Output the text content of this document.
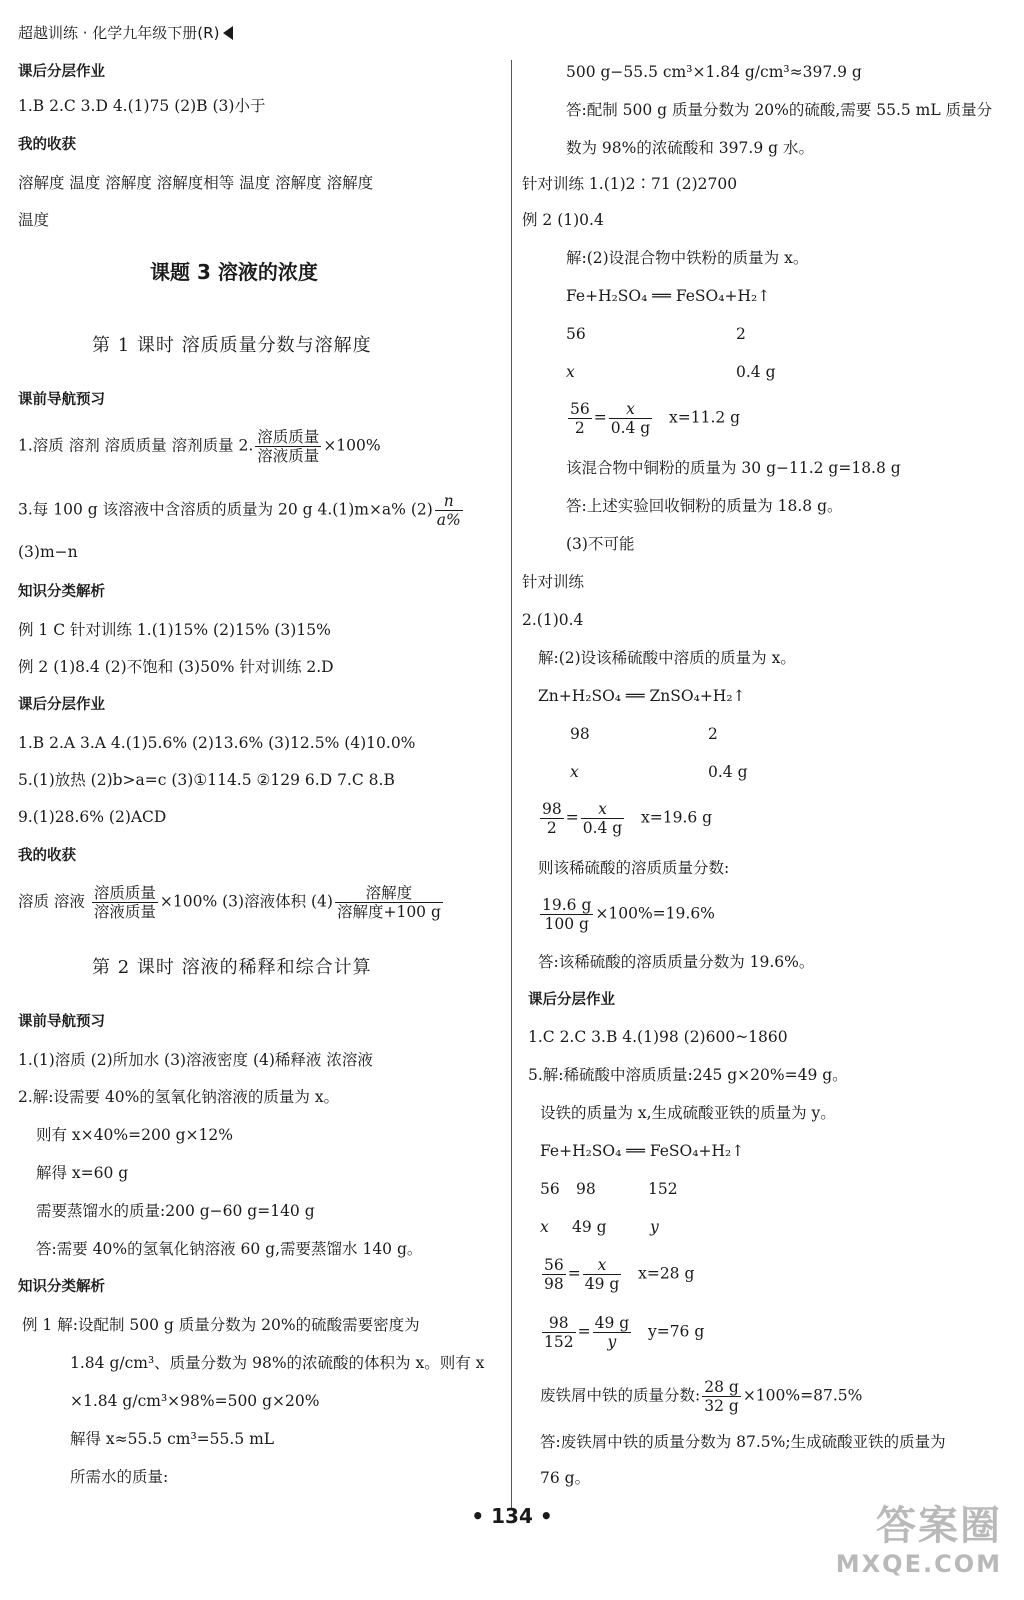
超越训练 · 化学九年级下册(R)
课后分层作业
1.B 2.C 3.D 4.(1)75 (2)B (3)小于
我的收获
溶解度 温度 溶解度 溶解度相等 温度 溶解度 溶解度
温度
课题 3 溶液的浓度
第 1 课时 溶质质量分数与溶解度
课前导航预习
1.溶质 溶剂 溶质质量 溶剂质量 2. $\frac{\text{溶质质量}}{\text{溶液质量}} \times 100\%$
3.每 100 g 该溶液中含溶质的质量为 20 g 4.(1)m×a% $(2) \frac{n}{a\%}$
(3)m−n
知识分类解析
例 1 C 针对训练 1.(1)15% (2)15% (3)15%
例 2 (1)8.4 (2)不饱和 (3)50% 针对训练 2.D
课后分层作业
1.B 2.A 3.A 4.(1)5.6% (2)13.6% (3)12.5% (4)10.0%
5.(1)放热 (2)b>a=c (3)①114.5 ②129 6.D 7.C 8.B
9.(1)28.6% (2)ACD
我的收获
溶质 溶液 $\frac{\text{溶质质量}}{\text{溶液质量}} \times 100\%$ (3)溶液体积 $(4) \frac{\text{溶解度}}{\text{溶解度+100 g}}$
第 2 课时 溶液的稀释和综合计算
课前导航预习
1.(1)溶质 (2)所加水 (3)溶液密度 (4)稀释液 浓溶液
2.解:设需要 40%的氢氧化钠溶液的质量为 x。
则有 x×40%=200 g×12%
解得 x=60 g
需要蒸馏水的质量:200 g−60 g=140 g
答:需要 40%的氢氧化钠溶液 60 g,需要蒸馏水 140 g。
知识分类解析
例 1 解:设配制 500 g 质量分数为 20%的硫酸需要密度为
1.84 g/cm³、质量分数为 98%的浓硫酸的体积为 x。则有 x
×1.84 g/cm³×98%=500 g×20%
解得 x≈55.5 cm³=55.5 mL
所需水的质量:
500 g−55.5 cm³×1.84 g/cm³≈397.9 g
答:配制 500 g 质量分数为 20%的硫酸,需要 55.5 mL 质量分
数为 98%的浓硫酸和 397.9 g 水。
针对训练 1.(1)2∶71 (2)2700
例 2 (1)0.4
解:(2)设混合物中铁粉的质量为 x。
Fe+H₂SO₄ ══ FeSO₄+H₂↑
56	2
x	0.4 g
$\frac{56}{2} = \frac{x}{0.4 g} x=11.2$ g
该混合物中铜粉的质量为 30 g−11.2 g=18.8 g
答:上述实验回收铜粉的质量为 18.8 g。
(3)不可能
针对训练
2.(1)0.4
解:(2)设该稀硫酸中溶质的质量为 x。
Zn+H₂SO₄ ══ ZnSO₄+H₂↑
98	2
x	0.4 g
$\frac{98}{2} = \frac{x}{0.4 g} x=19.6$ g
则该稀硫酸的溶质质量分数:
$\frac{19.6 g}{100 g} \times 100\%=19.6\%$
答:该稀硫酸的溶质质量分数为 19.6%。
课后分层作业
1.C 2.C 3.B 4.(1)98 (2)600~1860
5.解:稀硫酸中溶质质量:245 g×20%=49 g。
设铁的质量为 x,生成硫酸亚铁的质量为 y。
Fe+H₂SO₄ ══ FeSO₄+H₂↑
56 98	152
x 49 g	y
$\frac{56}{98} = \frac{x}{49 g} x=28$ g
$\frac{98}{152} = \frac{49 g}{y} y=76$ g
废铁屑中铁的质量分数: $\frac{28 g}{32 g} \times 100\%=87.5\%$
答:废铁屑中铁的质量分数为 87.5%;生成硫酸亚铁的质量为
76 g。
• 134 •	答案圈
MXQE.COM
